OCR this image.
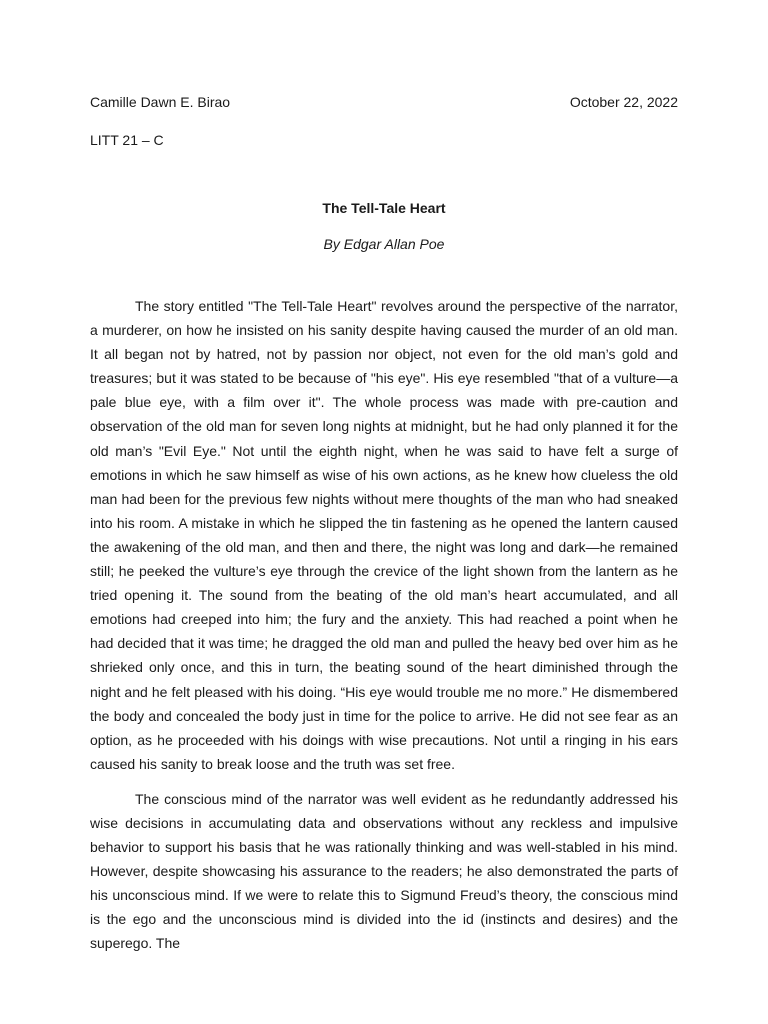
Camille Dawn E. Birao	October 22, 2022
LITT 21 – C
The Tell-Tale Heart
By Edgar Allan Poe

The story entitled "The Tell-Tale Heart" revolves around the perspective of the narrator, a murderer, on how he insisted on his sanity despite having caused the murder of an old man. It all began not by hatred, not by passion nor object, not even for the old man’s gold and treasures; but it was stated to be because of "his eye". His eye resembled "that of a vulture—a pale blue eye, with a film over it". The whole process was made with pre-caution and observation of the old man for seven long nights at midnight, but he had only planned it for the old man’s "Evil Eye." Not until the eighth night, when he was said to have felt a surge of emotions in which he saw himself as wise of his own actions, as he knew how clueless the old man had been for the previous few nights without mere thoughts of the man who had sneaked into his room. A mistake in which he slipped the tin fastening as he opened the lantern caused the awakening of the old man, and then and there, the night was long and dark—he remained still; he peeked the vulture’s eye through the crevice of the light shown from the lantern as he tried opening it. The sound from the beating of the old man’s heart accumulated, and all emotions had creeped into him; the fury and the anxiety. This had reached a point when he had decided that it was time; he dragged the old man and pulled the heavy bed over him as he shrieked only once, and this in turn, the beating sound of the heart diminished through the night and he felt pleased with his doing. “His eye would trouble me no more.” He dismembered the body and concealed the body just in time for the police to arrive. He did not see fear as an option, as he proceeded with his doings with wise precautions. Not until a ringing in his ears caused his sanity to break loose and the truth was set free.

The conscious mind of the narrator was well evident as he redundantly addressed his wise decisions in accumulating data and observations without any reckless and impulsive behavior to support his basis that he was rationally thinking and was well-stabled in his mind. However, despite showcasing his assurance to the readers; he also demonstrated the parts of his unconscious mind. If we were to relate this to Sigmund Freud’s theory, the conscious mind is the ego and the unconscious mind is divided into the id (instincts and desires) and the superego. The
